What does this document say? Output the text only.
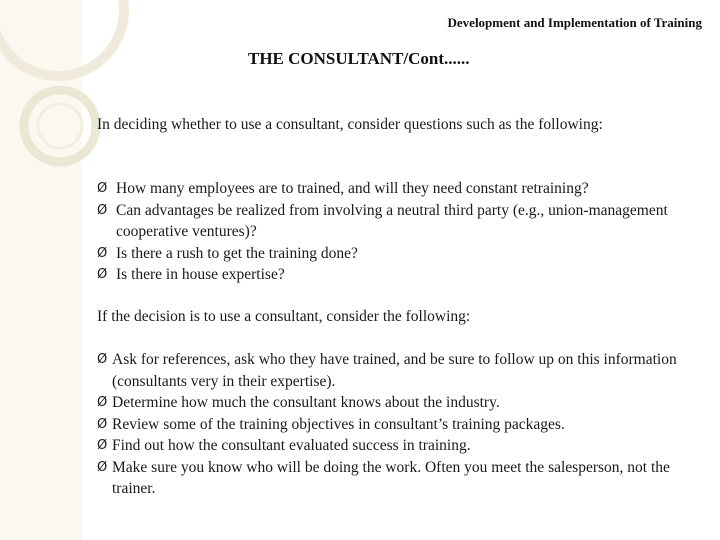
Development and Implementation of Training
THE CONSULTANT/Cont......
In deciding whether to use a consultant, consider questions such as the following:
Ø How many employees are to trained, and will they need constant retraining?
Ø Can advantages be realized from involving a neutral third party (e.g., union-management cooperative ventures)?
Ø Is there a rush to get the training done?
Ø Is there in house expertise?
If the decision is to use a consultant, consider the following:
Ø Ask for references, ask who they have trained, and be sure to follow up on this information (consultants very in their expertise).
Ø Determine how much the consultant knows about the industry.
Ø Review some of the training objectives in consultant’s training packages.
Ø Find out how the consultant evaluated success in training.
Ø Make sure you know who will be doing the work. Often you meet the salesperson, not the trainer.
